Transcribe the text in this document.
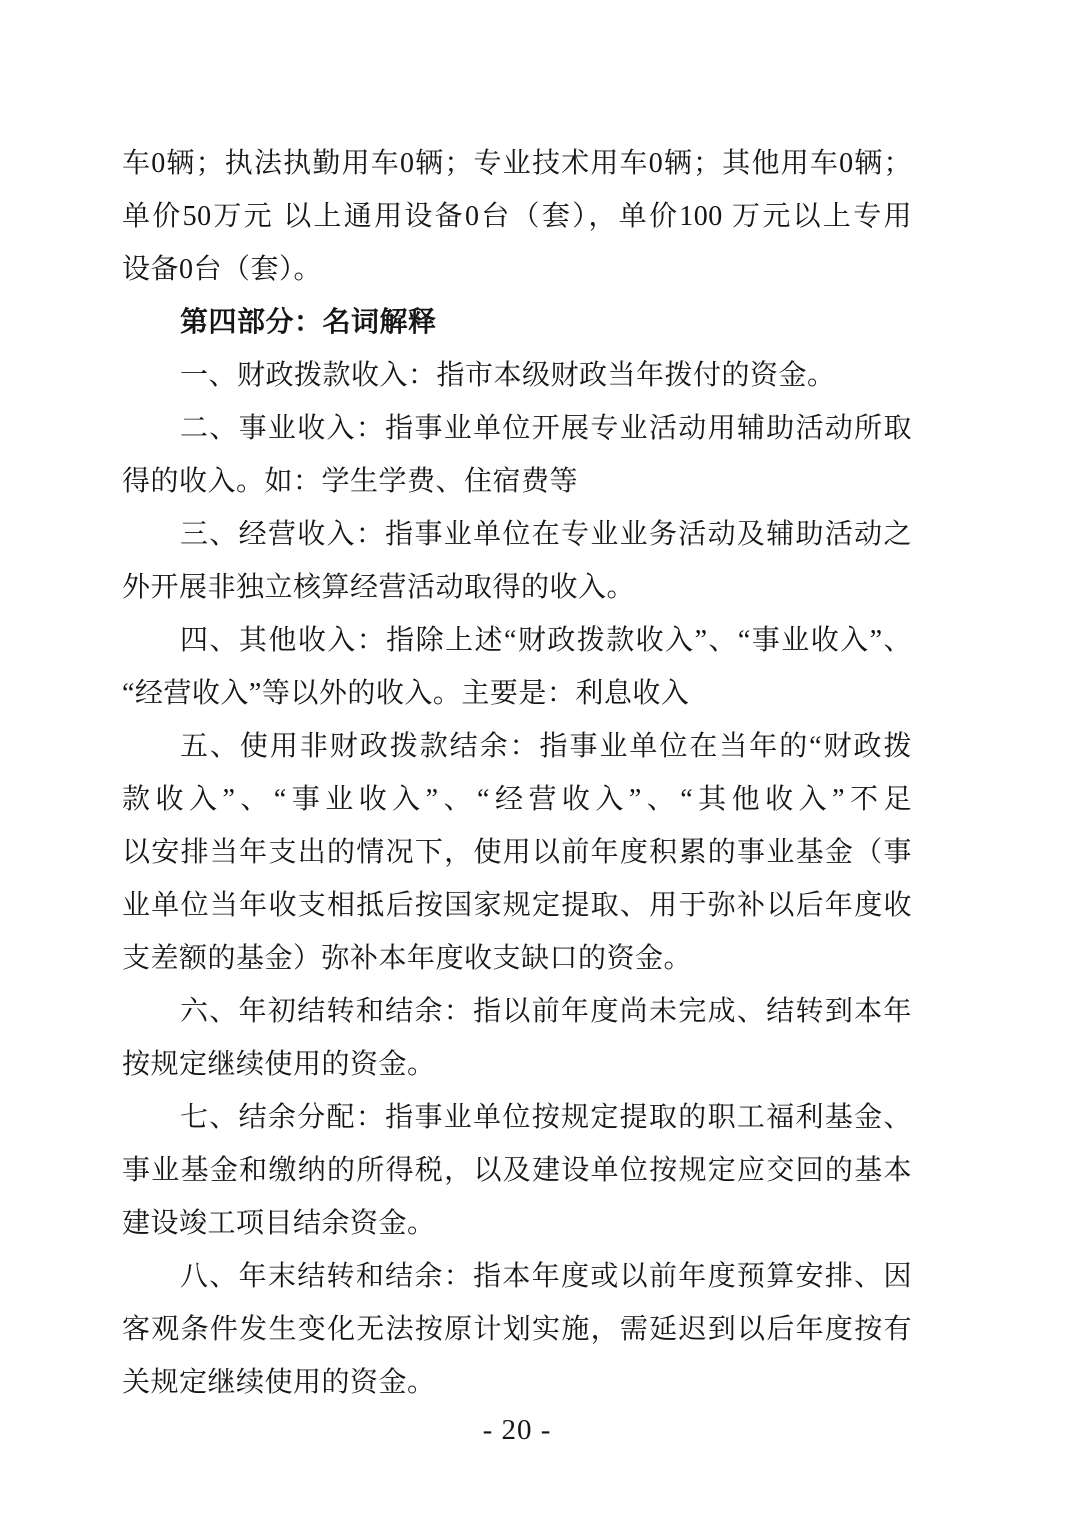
车0辆；执法执勤用车0辆；专业技术用车0辆；其他用车0辆；
单价50万元 以上通用设备0台（套），单价100 万元以上专用
设备0台（套）。
第四部分：名词解释
一、财政拨款收入：指市本级财政当年拨付的资金。
二、事业收入：指事业单位开展专业活动用辅助活动所取
得的收入。如：学生学费、住宿费等
三、经营收入：指事业单位在专业业务活动及辅助活动之
外开展非独立核算经营活动取得的收入。
四、其他收入：指除上述“财政拨款收入”、“事业收入”、
“经营收入”等以外的收入。主要是：利息收入
五、使用非财政拨款结余：指事业单位在当年的“财政拨
款收入”、“事业收入”、“经营收入”、“其他收入”不足
以安排当年支出的情况下，使用以前年度积累的事业基金（事
业单位当年收支相抵后按国家规定提取、用于弥补以后年度收
支差额的基金）弥补本年度收支缺口的资金。
六、年初结转和结余：指以前年度尚未完成、结转到本年
按规定继续使用的资金。
七、结余分配：指事业单位按规定提取的职工福利基金、
事业基金和缴纳的所得税，以及建设单位按规定应交回的基本
建设竣工项目结余资金。
八、年末结转和结余：指本年度或以前年度预算安排、因
客观条件发生变化无法按原计划实施，需延迟到以后年度按有
关规定继续使用的资金。
- 20 -
